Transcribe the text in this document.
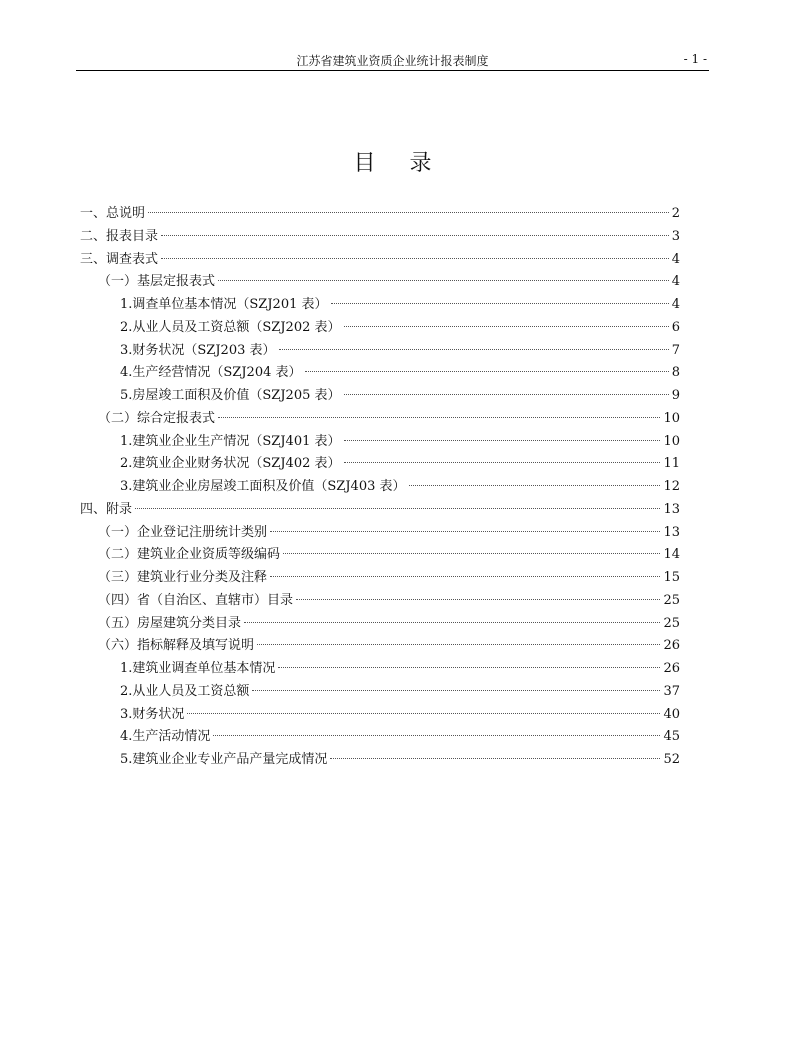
江苏省建筑业资质企业统计报表制度	- 1 -
目录
一、总说明	2
二、报表目录	3
三、调查表式	4
（一）基层定报表式	4
1.调查单位基本情况（SZJ201 表）	4
2.从业人员及工资总额（SZJ202 表）	6
3.财务状况（SZJ203 表）	7
4.生产经营情况（SZJ204 表）	8
5.房屋竣工面积及价值（SZJ205 表）	9
（二）综合定报表式	10
1.建筑业企业生产情况（SZJ401 表）	10
2.建筑业企业财务状况（SZJ402 表）	11
3.建筑业企业房屋竣工面积及价值（SZJ403 表）	12
四、附录	13
（一）企业登记注册统计类别	13
（二）建筑业企业资质等级编码	14
（三）建筑业行业分类及注释	15
（四）省（自治区、直辖市）目录	25
（五）房屋建筑分类目录	25
（六）指标解释及填写说明	26
1.建筑业调查单位基本情况	26
2.从业人员及工资总额	37
3.财务状况	40
4.生产活动情况	45
5.建筑业企业专业产品产量完成情况	52
